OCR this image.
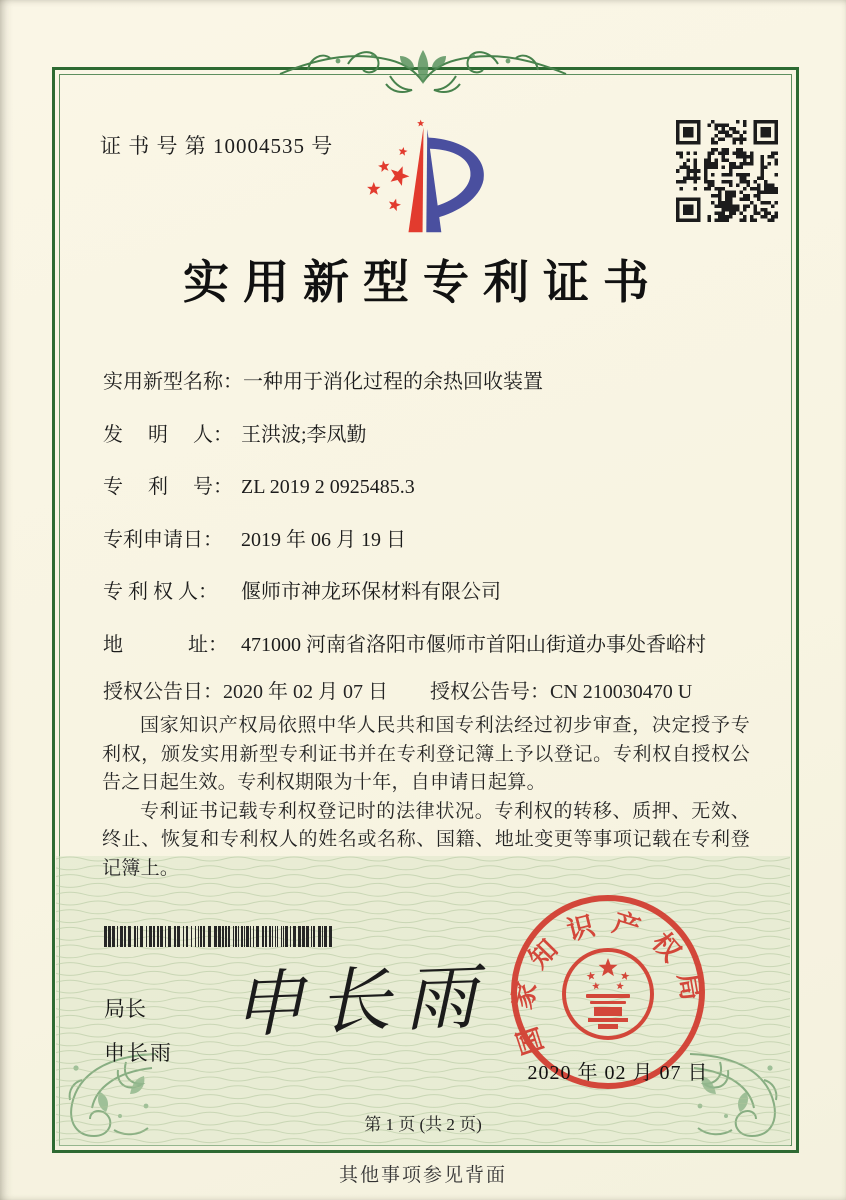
证 书 号 第 10004535 号
实用新型专利证书
实用新型名称：一种用于消化过程的余热回收装置
发　 明　 人： 王洪波;李凤勤
专　 利　 号： ZL 2019 2 0925485.3
专利申请日： 2019 年 06 月 19 日
专 利 权 人： 偃师市神龙环保材料有限公司
地　　　 址： 471000 河南省洛阳市偃师市首阳山街道办事处香峪村
授权公告日：2020 年 02 月 07 日 授权公告号：CN 210030470 U

国家知识产权局依照中华人民共和国专利法经过初步审查，决定授予专利权，颁发实用新型专利证书并在专利登记簿上予以登记。专利权自授权公告之日起生效。专利权期限为十年，自申请日起算。

专利证书记载专利权登记时的法律状况。专利权的转移、质押、无效、终止、恢复和专利权人的姓名或名称、国籍、地址变更等事项记载在专利登记簿上。

局长
申长雨
申长雨 国家知识产权局
2020 年 02 月 07 日
第 1 页 (共 2 页)
其他事项参见背面
